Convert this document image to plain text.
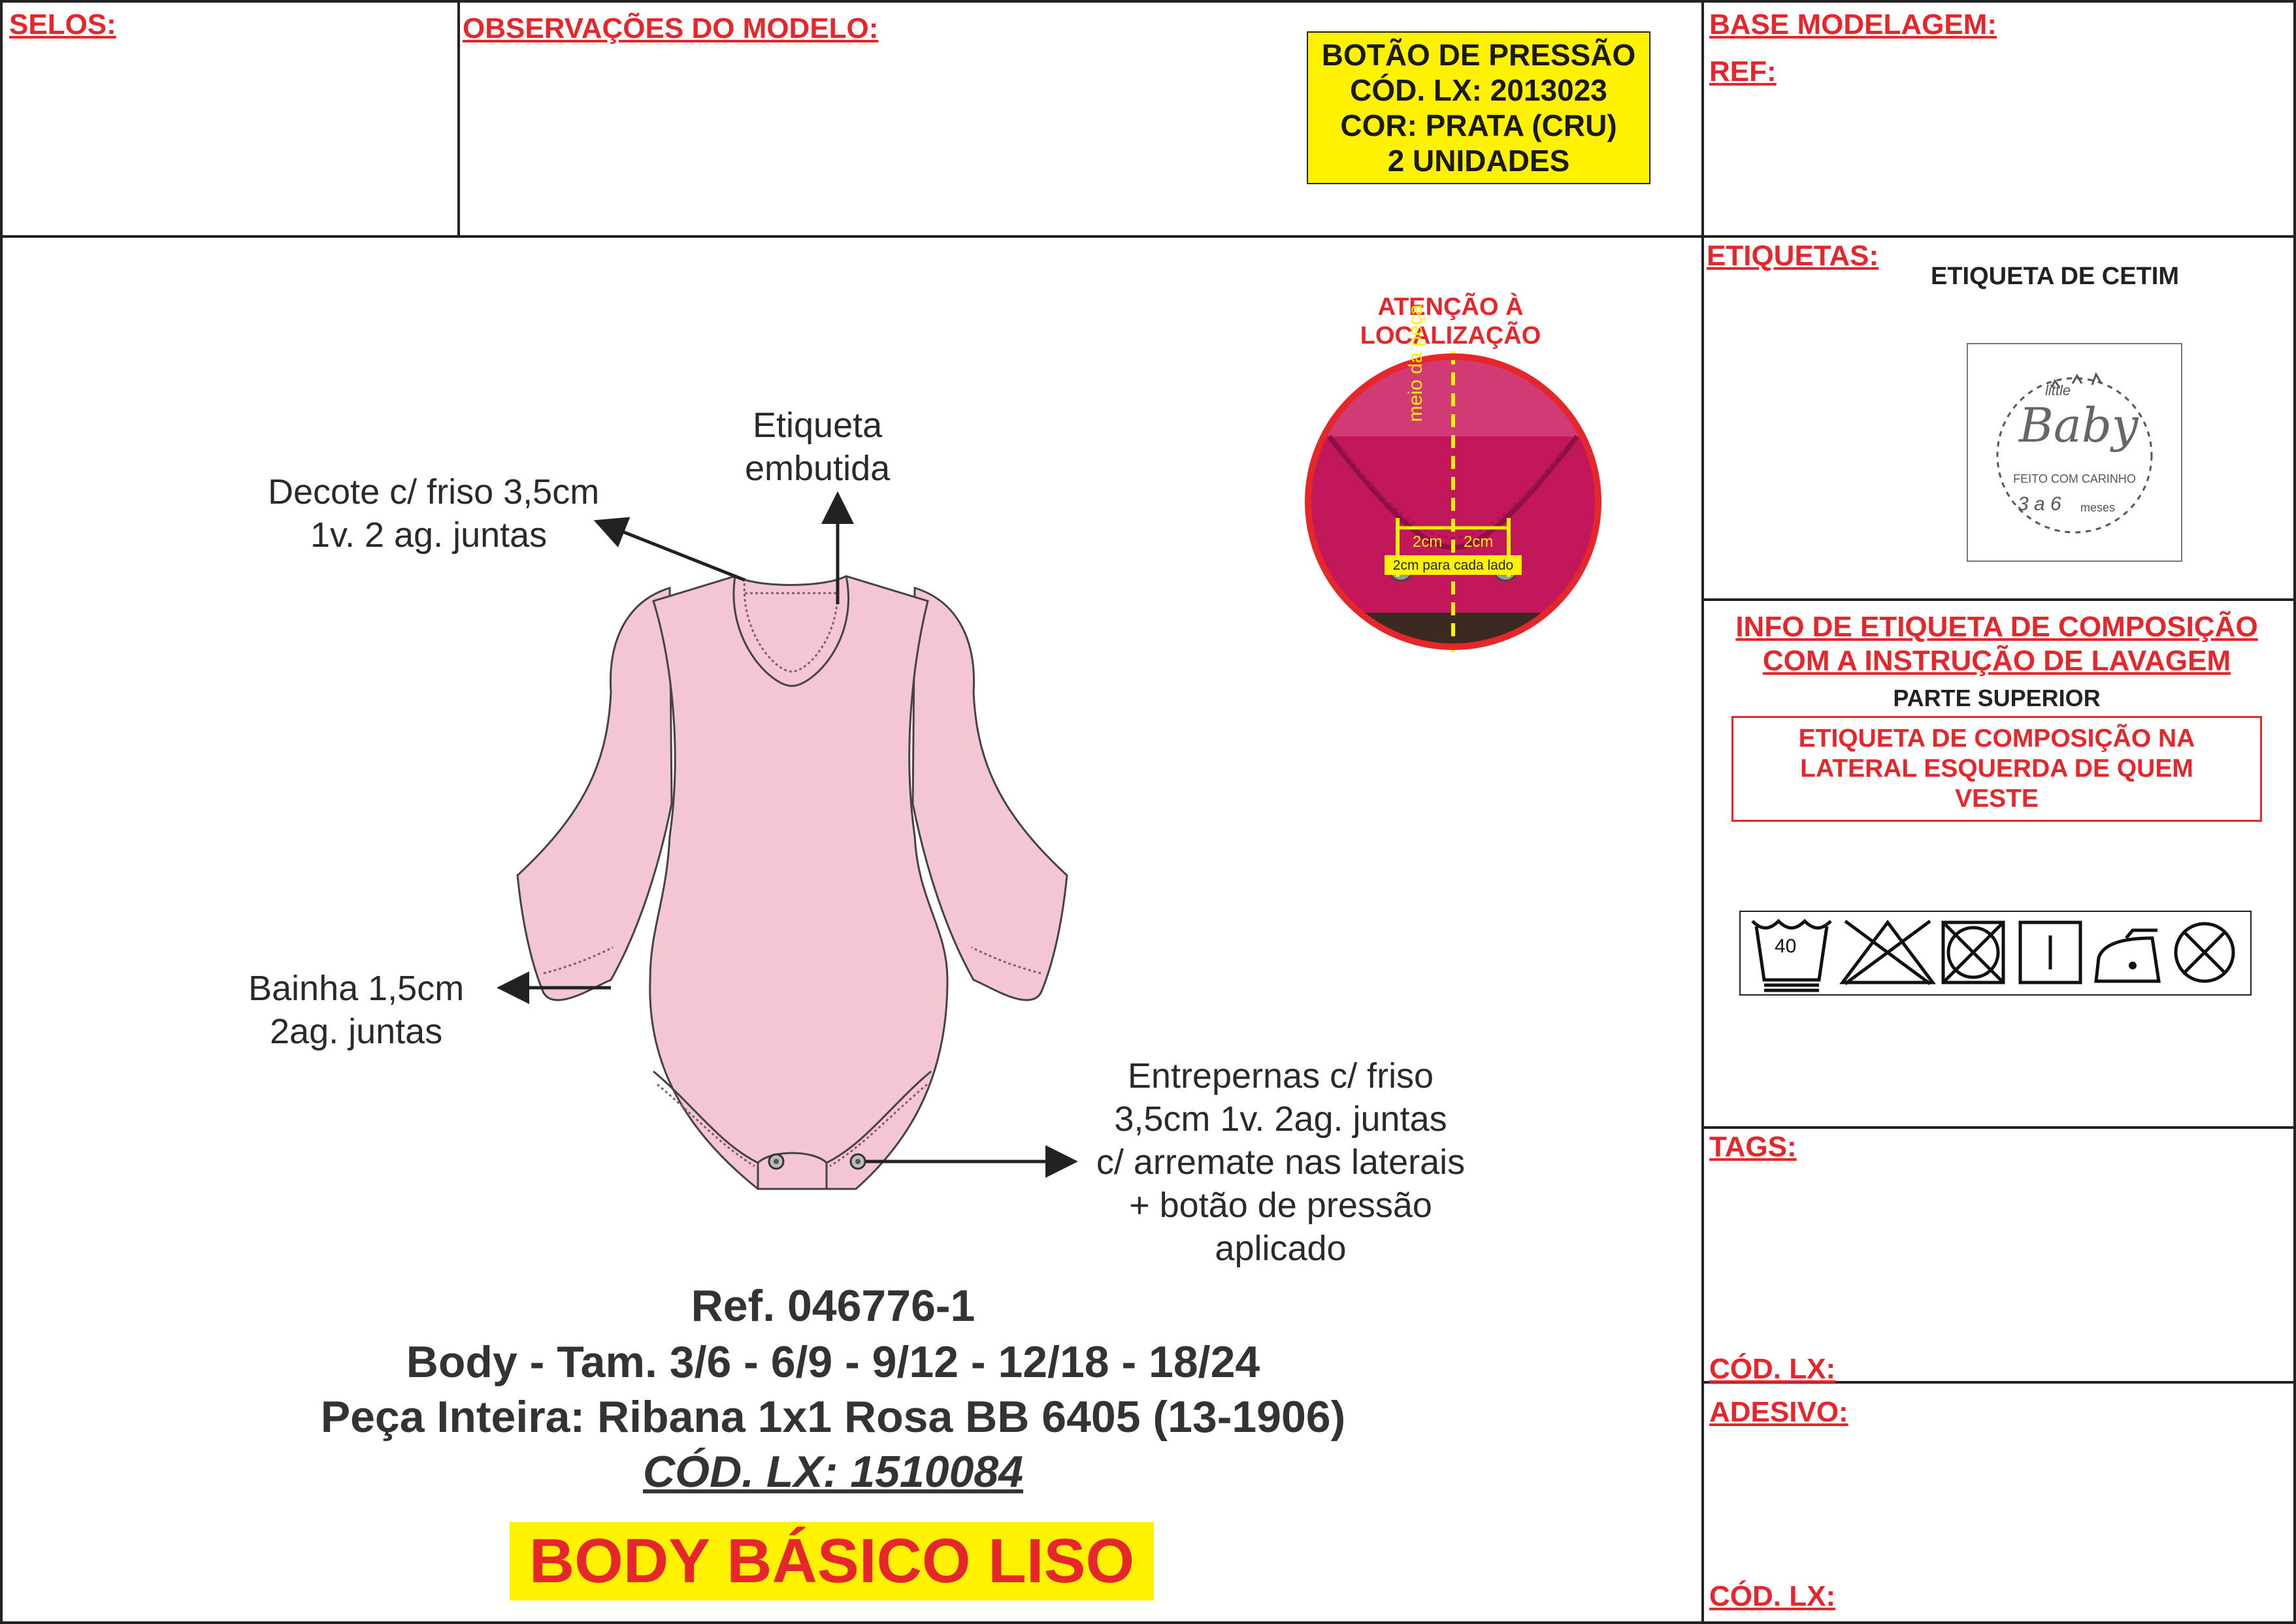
SELOS:	OBSERVAÇÕES DO MODELO:	BASE MODELAGEM:
REF:
BOTÃO DE PRESSÃO
CÓD. LX: 2013023
COR: PRATA (CRU)
2 UNIDADES
Etiqueta
embutida
Decote c/ friso 3,5cm
1v. 2 ag. juntas
Bainha 1,5cm
2ag. juntas
Entrepernas c/ friso
3,5cm 1v. 2ag. juntas
c/ arremate nas laterais
+ botão de pressão
aplicado
ATENÇÃO À
LOCALIZAÇÃO
meio da peça
2cm 2cm
2cm para cada lado
ETIQUETAS:
ETIQUETA DE CETIM
little
Baby
FEITO COM CARINHO
3 a 6 meses
INFO DE ETIQUETA DE COMPOSIÇÃO
COM A INSTRUÇÃO DE LAVAGEM
PARTE SUPERIOR
ETIQUETA DE COMPOSIÇÃO NA
LATERAL ESQUERDA DE QUEM
VESTE
40
TAGS:
CÓD. LX:
ADESIVO:
CÓD. LX:
Ref. 046776-1
Body - Tam. 3/6 - 6/9 - 9/12 - 12/18 - 18/24
Peça Inteira: Ribana 1x1 Rosa BB 6405 (13-1906)
CÓD. LX: 1510084
BODY BÁSICO LISO
